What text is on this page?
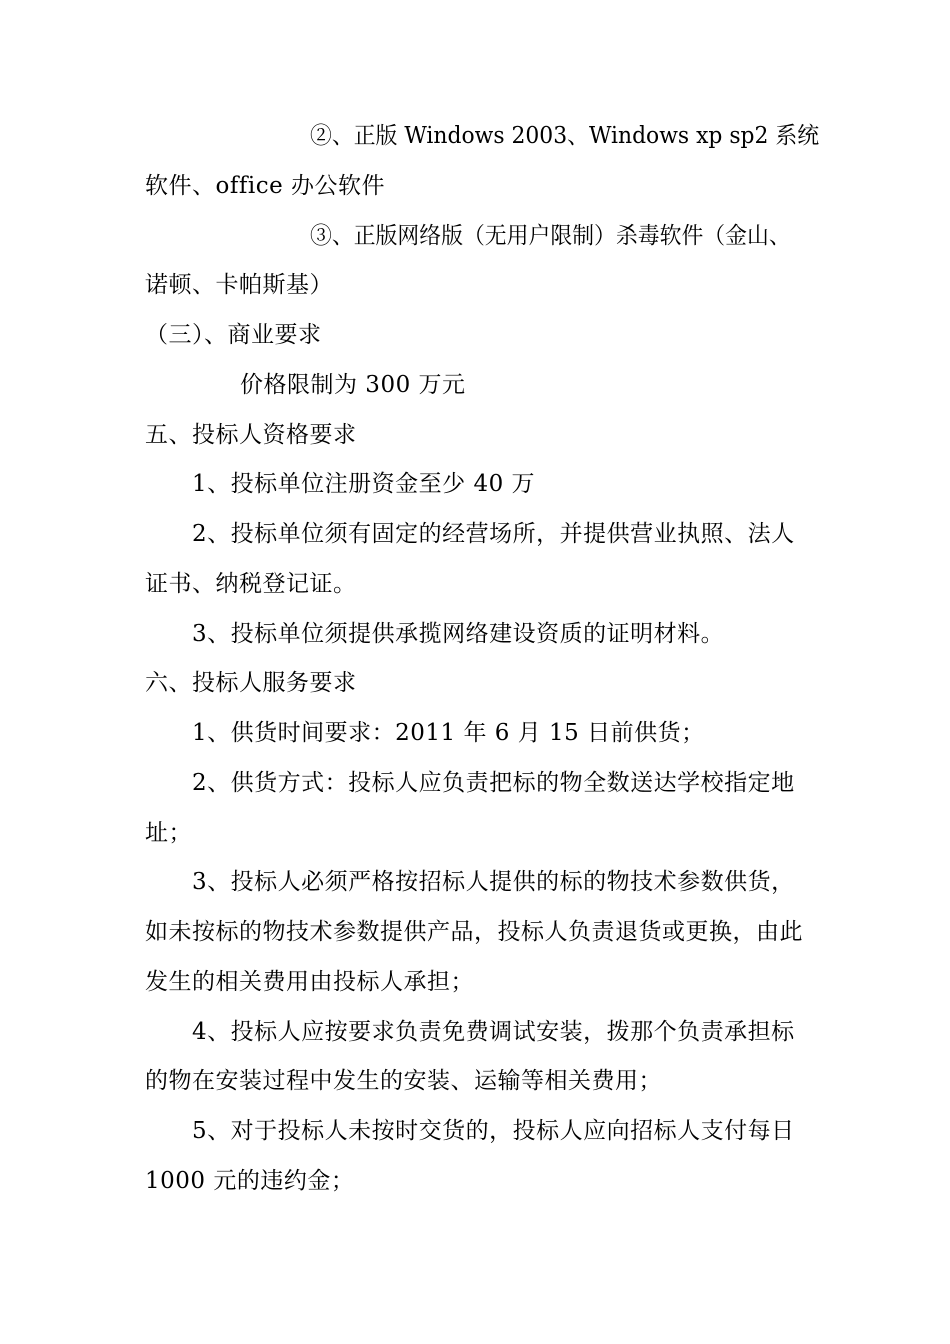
②、正版 Windows 2003、Windows xp sp2 系统
软件、office 办公软件
③、正版网络版（无用户限制）杀毒软件（金山、
诺顿、卡帕斯基）
（三）、商业要求
价格限制为 300 万元
五、投标人资格要求
1、投标单位注册资金至少 40 万
2、投标单位须有固定的经营场所，并提供营业执照、法人
证书、纳税登记证。
3、投标单位须提供承揽网络建设资质的证明材料。
六、投标人服务要求
1、供货时间要求：2011 年 6 月 15 日前供货；
2、供货方式：投标人应负责把标的物全数送达学校指定地
址；
3、投标人必须严格按招标人提供的标的物技术参数供货，
如未按标的物技术参数提供产品，投标人负责退货或更换，由此
发生的相关费用由投标人承担；
4、投标人应按要求负责免费调试安装，拨那个负责承担标
的物在安装过程中发生的安装、运输等相关费用；
5、对于投标人未按时交货的，投标人应向招标人支付每日
1000 元的违约金；
